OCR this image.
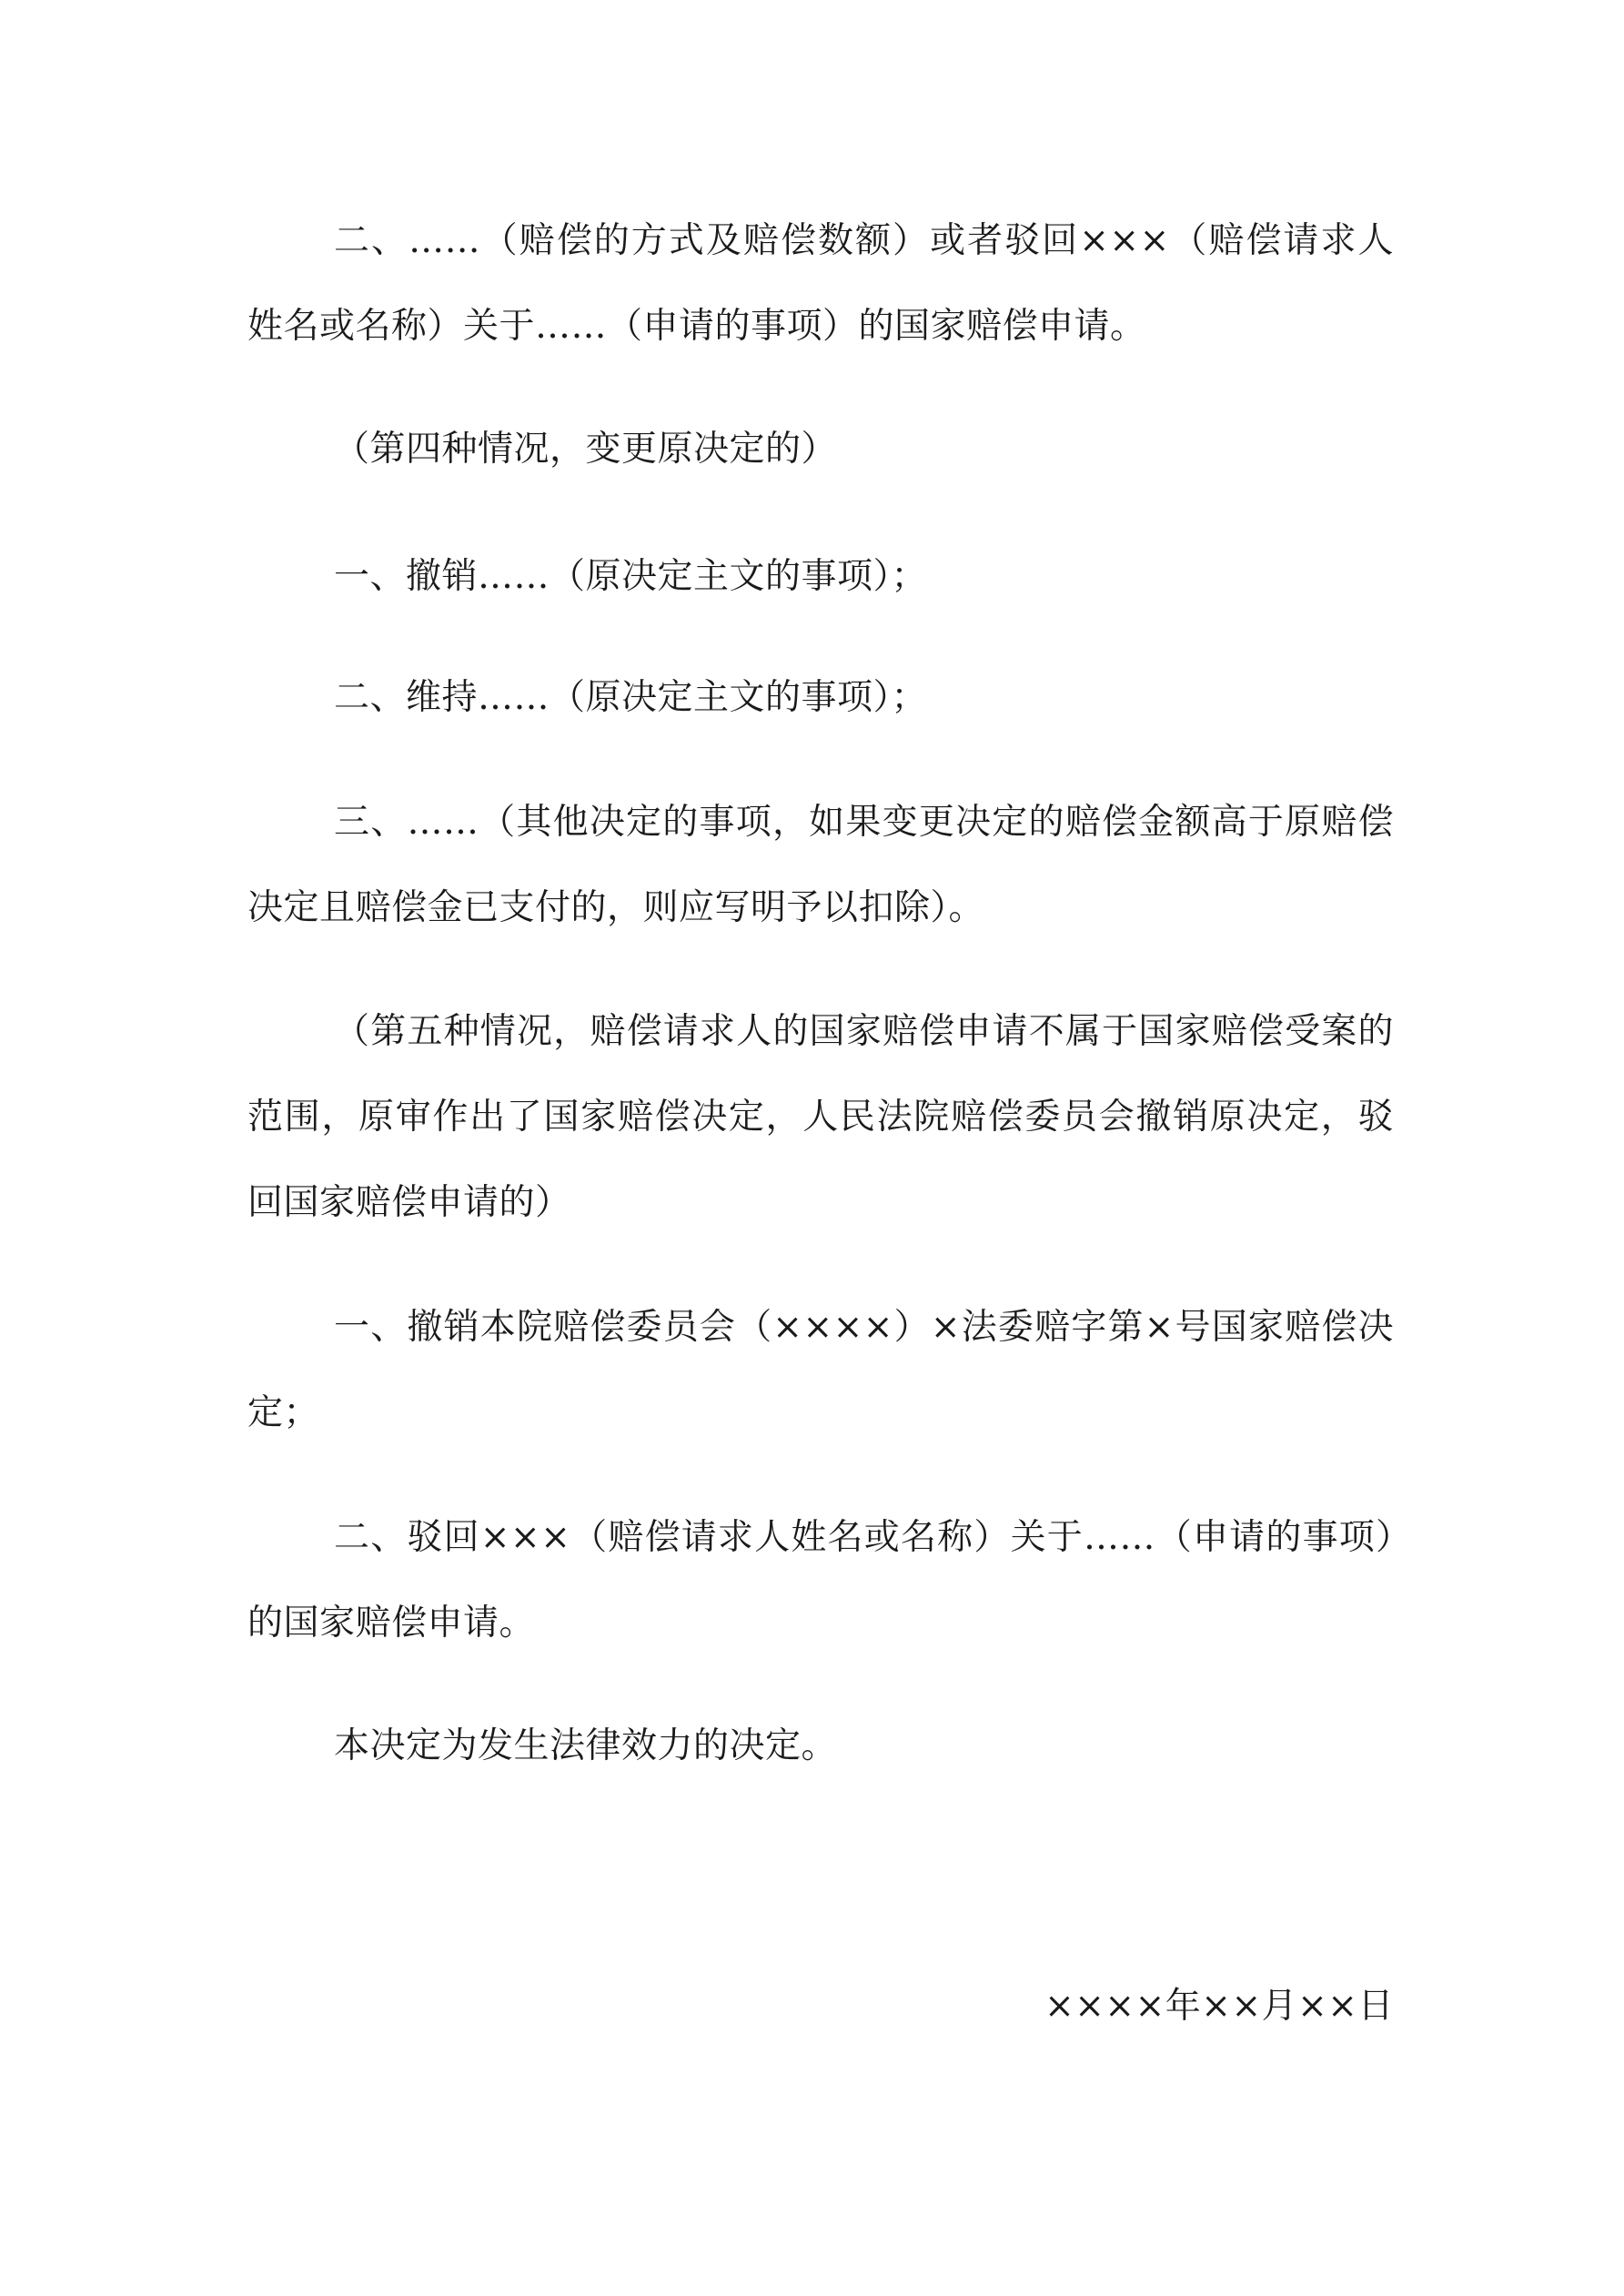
二、……（赔偿的方式及赔偿数额）或者驳回×××（赔偿请求人姓名或名称）关于……（申请的事项）的国家赔偿申请。

（第四种情况，变更原决定的）

一、撤销……（原决定主文的事项）；

二、维持……（原决定主文的事项）；

三、……（其他决定的事项，如果变更决定的赔偿金额高于原赔偿决定且赔偿金已支付的，则应写明予以扣除）。

（第五种情况，赔偿请求人的国家赔偿申请不属于国家赔偿受案的范围，原审作出了国家赔偿决定，人民法院赔偿委员会撤销原决定，驳回国家赔偿申请的）

一、撤销本院赔偿委员会（××××）×法委赔字第×号国家赔偿决定；

二、驳回×××（赔偿请求人姓名或名称）关于……（申请的事项）的国家赔偿申请。

本决定为发生法律效力的决定。

××××年××月××日
